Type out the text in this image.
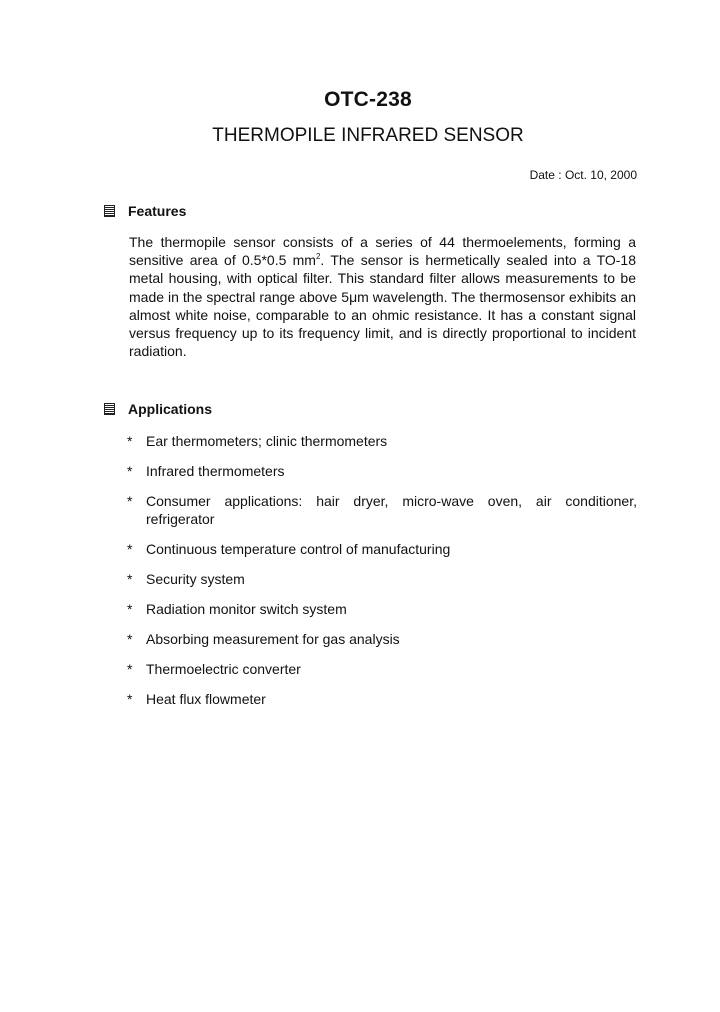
OTC-238
THERMOPILE INFRARED SENSOR
Date : Oct. 10, 2000
Features

The thermopile sensor consists of a series of 44 thermoelements, forming a sensitive area of 0.5*0.5 $mm^2$. The sensor is hermetically sealed into a TO-18 metal housing, with optical filter. This standard filter allows measurements to be made in the spectral range above 5μm wavelength. The thermosensor exhibits an almost white noise, comparable to an ohmic resistance. It has a constant signal versus frequency up to its frequency limit, and is directly proportional to incident radiation.

Applications
* Ear thermometers; clinic thermometers
* Infrared thermometers
* Consumer applications: hair dryer, micro-wave oven, air conditioner, refrigerator
* Continuous temperature control of manufacturing
* Security system
* Radiation monitor switch system
* Absorbing measurement for gas analysis
* Thermoelectric converter
* Heat flux flowmeter
